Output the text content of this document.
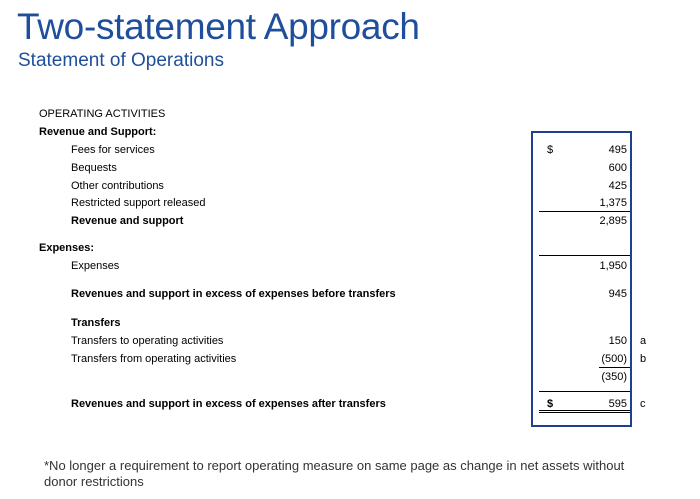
Two-statement Approach
Statement of Operations
OPERATING ACTIVITIES
Revenue and Support:
Fees for services	$	495
Bequests	600
Other contributions	425
Restricted support released	1,375
Revenue and support	2,895
Expenses:
Expenses	1,950
Revenues and support in excess of expenses before transfers	945
Transfers
Transfers to operating activities	150 a
Transfers from operating activities	(500) b
(350)
Revenues and support in excess of expenses after transfers	$	595 c
*No longer a requirement to report operating measure on same page as change in net assets without donor restrictions
